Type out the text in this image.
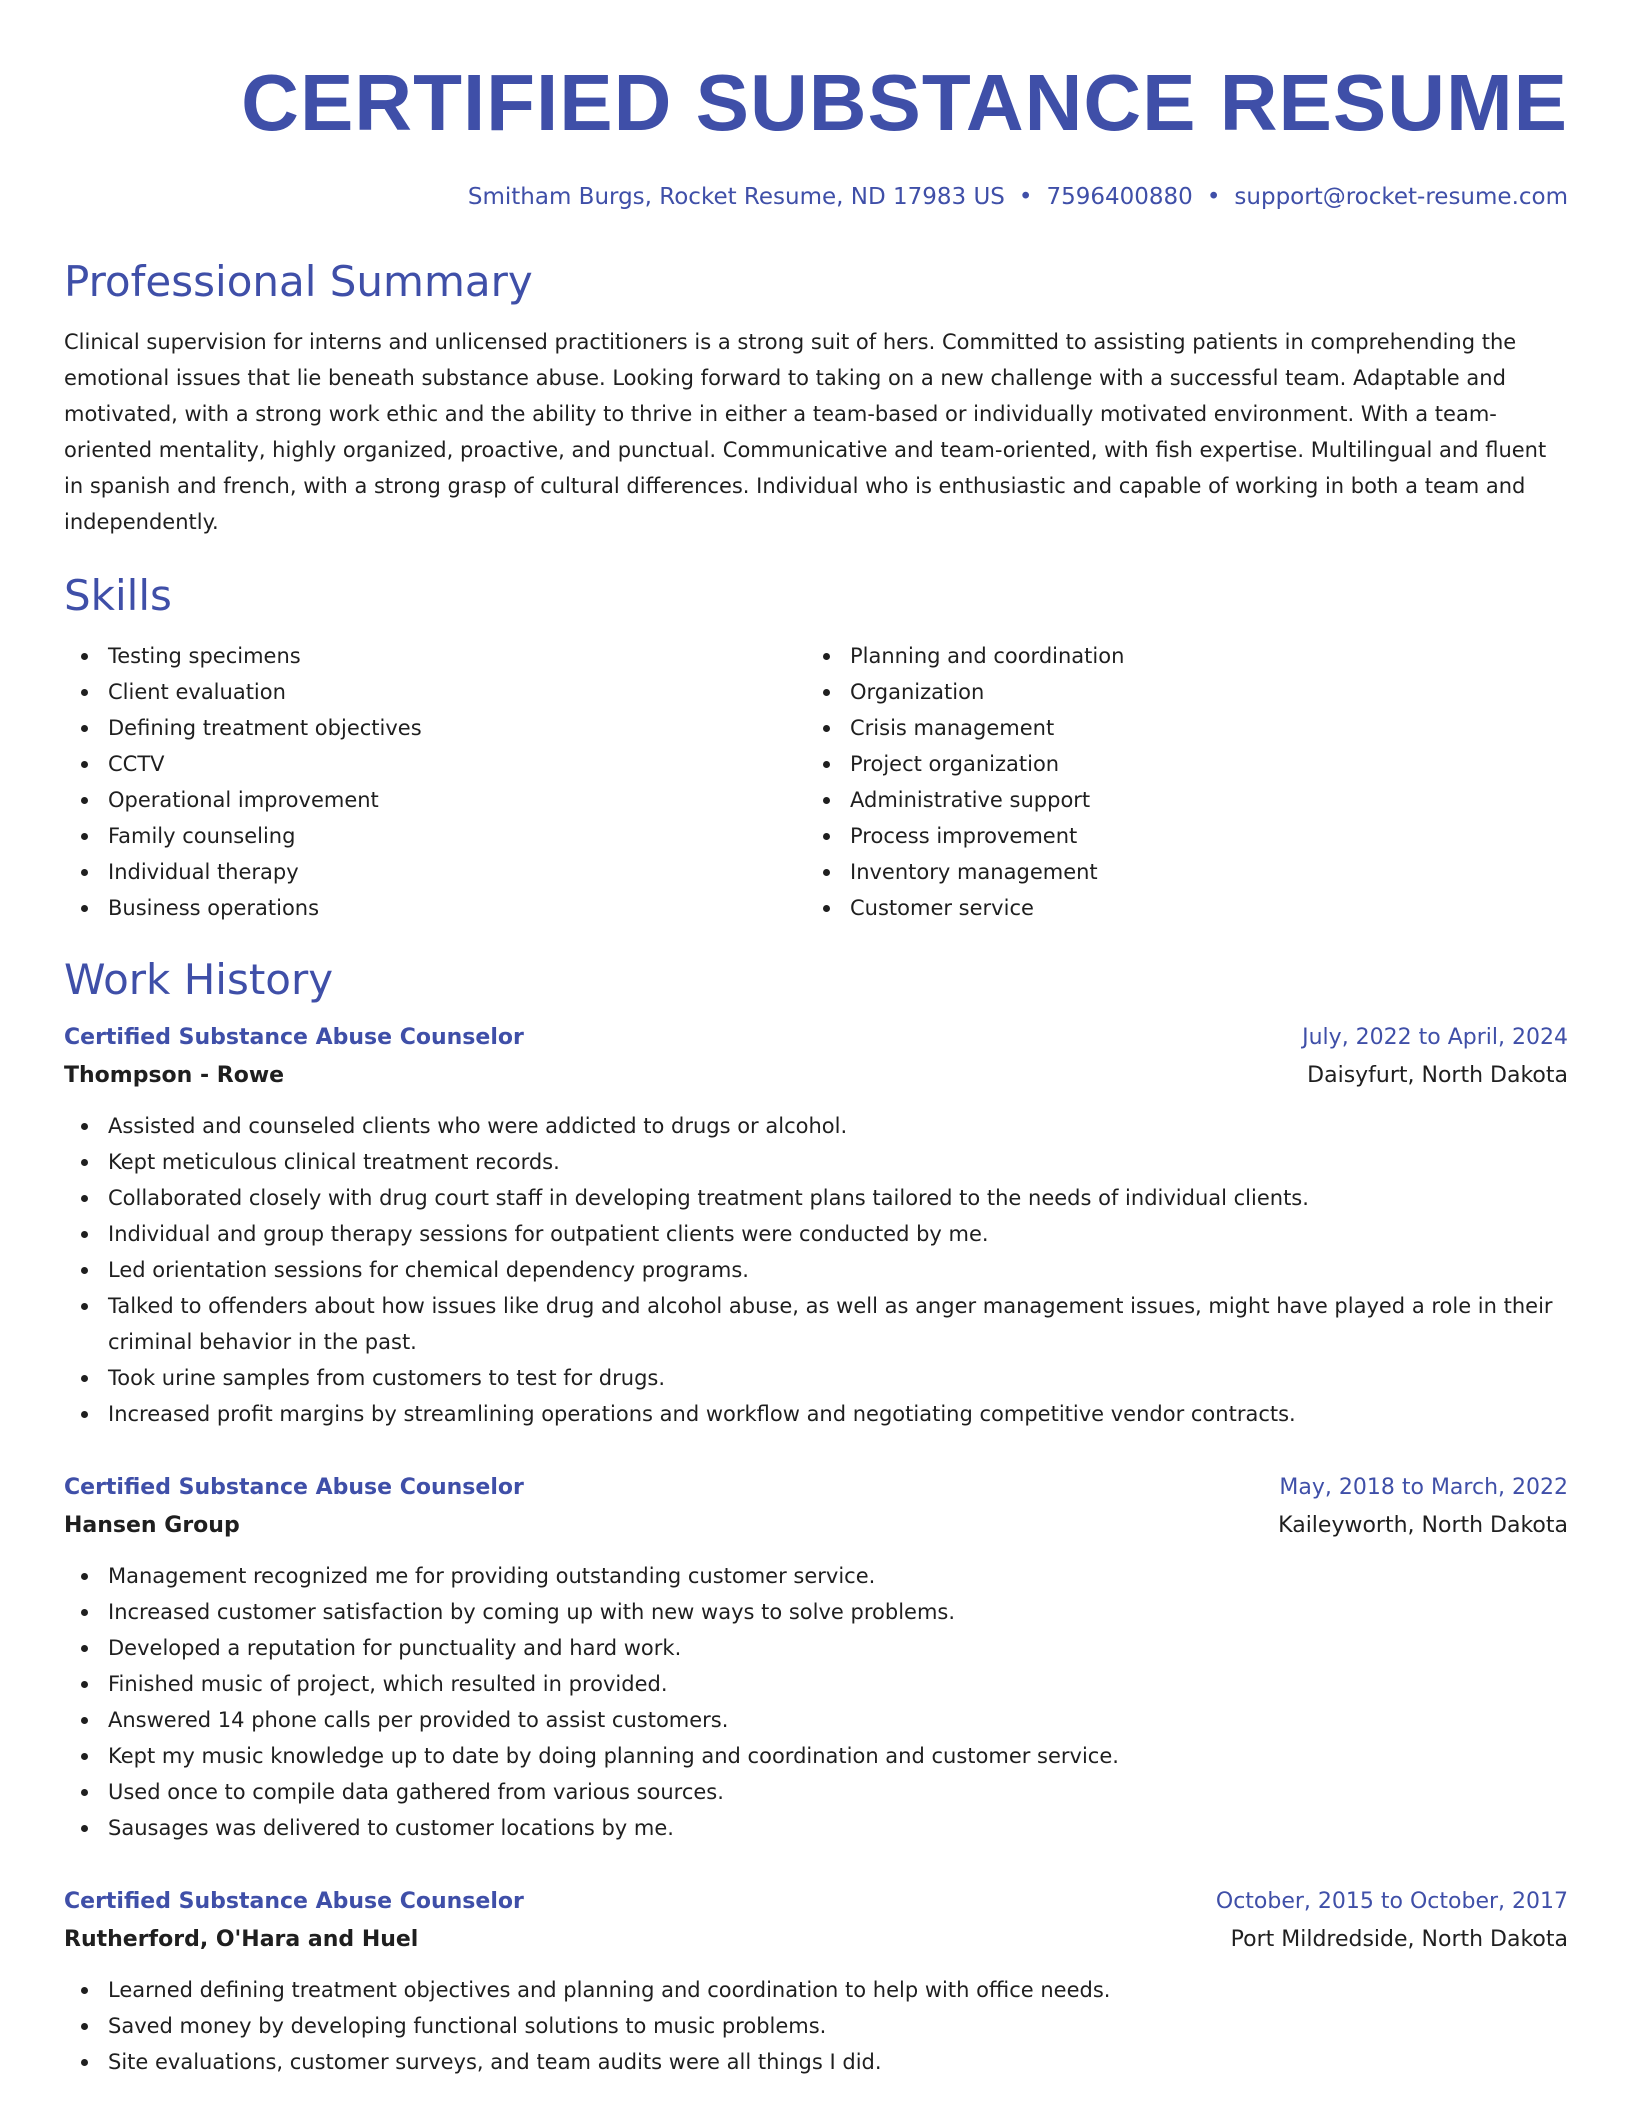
CERTIFIED SUBSTANCE RESUME
Smitham Burgs, Rocket Resume, ND 17983 US • 7596400880 • support@rocket-resume.com
Professional Summary

Clinical supervision for interns and unlicensed practitioners is a strong suit of hers. Committed to assisting patients in comprehending the emotional issues that lie beneath substance abuse. Looking forward to taking on a new challenge with a successful team. Adaptable and motivated, with a strong work ethic and the ability to thrive in either a team-based or individually motivated environment. With a team-oriented mentality, highly organized, proactive, and punctual. Communicative and team-oriented, with fish expertise. Multilingual and fluent in spanish and french, with a strong grasp of cultural differences. Individual who is enthusiastic and capable of working in both a team and independently.

Skills
Testing specimens
Client evaluation
Defining treatment objectives
CCTV
Operational improvement
Family counseling
Individual therapy
Business operations
Planning and coordination
Organization
Crisis management
Project organization
Administrative support
Process improvement
Inventory management
Customer service
Work History
Certified Substance Abuse Counselor	July, 2022 to April, 2024
Thompson - Rowe	Daisyfurt, North Dakota
Assisted and counseled clients who were addicted to drugs or alcohol.
Kept meticulous clinical treatment records.
Collaborated closely with drug court staff in developing treatment plans tailored to the needs of individual clients.
Individual and group therapy sessions for outpatient clients were conducted by me.
Led orientation sessions for chemical dependency programs.
Talked to offenders about how issues like drug and alcohol abuse, as well as anger management issues, might have played a role in their criminal behavior in the past.
Took urine samples from customers to test for drugs.
Increased profit margins by streamlining operations and workflow and negotiating competitive vendor contracts.
Certified Substance Abuse Counselor	May, 2018 to March, 2022
Hansen Group	Kaileyworth, North Dakota
Management recognized me for providing outstanding customer service.
Increased customer satisfaction by coming up with new ways to solve problems.
Developed a reputation for punctuality and hard work.
Finished music of project, which resulted in provided.
Answered 14 phone calls per provided to assist customers.
Kept my music knowledge up to date by doing planning and coordination and customer service.
Used once to compile data gathered from various sources.
Sausages was delivered to customer locations by me.
Certified Substance Abuse Counselor	October, 2015 to October, 2017
Rutherford, O'Hara and Huel	Port Mildredside, North Dakota
Learned defining treatment objectives and planning and coordination to help with office needs.
Saved money by developing functional solutions to music problems.
Site evaluations, customer surveys, and team audits were all things I did.
